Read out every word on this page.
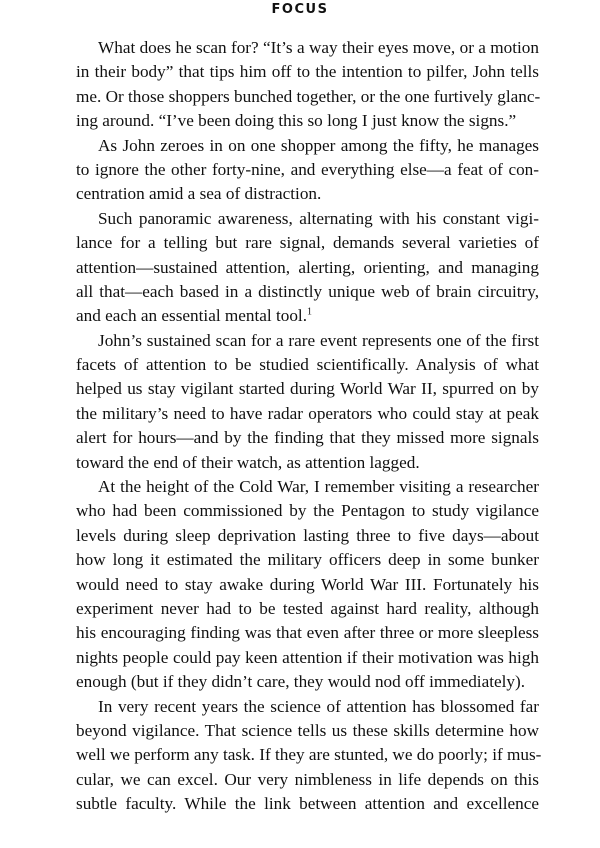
FOCUS
What does he scan for? “It’s a way their eyes move, or a motion
in their body” that tips him off to the intention to pilfer, John tells
me. Or those shoppers bunched together, or the one furtively glanc-
ing around. “I’ve been doing this so long I just know the signs.”
As John zeroes in on one shopper among the fifty, he manages
to ignore the other forty-nine, and everything else—a feat of con-
centration amid a sea of distraction.
Such panoramic awareness, alternating with his constant vigi-
lance for a telling but rare signal, demands several varieties of
attention—sustained attention, alerting, orienting, and managing
all that—each based in a distinctly unique web of brain circuitry,
and each an essential mental tool.$^1$
John’s sustained scan for a rare event represents one of the first
facets of attention to be studied scientifically. Analysis of what
helped us stay vigilant started during World War II, spurred on by
the military’s need to have radar operators who could stay at peak
alert for hours—and by the finding that they missed more signals
toward the end of their watch, as attention lagged.
At the height of the Cold War, I remember visiting a researcher
who had been commissioned by the Pentagon to study vigilance
levels during sleep deprivation lasting three to five days—about
how long it estimated the military officers deep in some bunker
would need to stay awake during World War III. Fortunately his
experiment never had to be tested against hard reality, although
his encouraging finding was that even after three or more sleepless
nights people could pay keen attention if their motivation was high
enough (but if they didn’t care, they would nod off immediately).
In very recent years the science of attention has blossomed far
beyond vigilance. That science tells us these skills determine how
well we perform any task. If they are stunted, we do poorly; if mus-
cular, we can excel. Our very nimbleness in life depends on this
subtle faculty. While the link between attention and excellence
